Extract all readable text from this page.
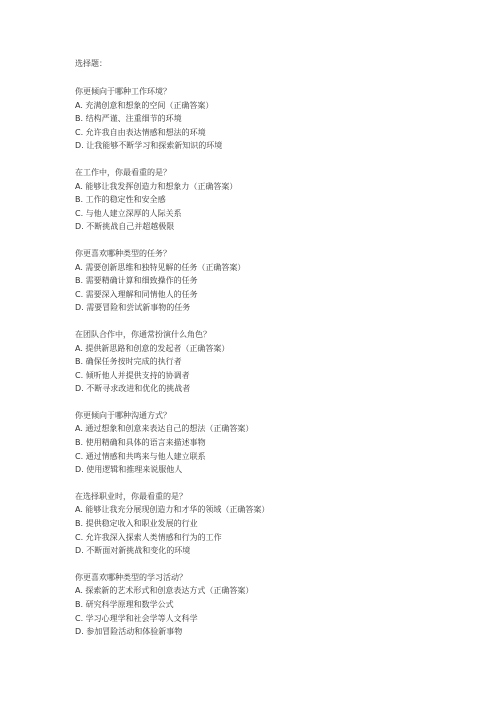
选择题：

你更倾向于哪种工作环境？

A. 充满创意和想象的空间（正确答案）

B. 结构严谨、注重细节的环境

C. 允许我自由表达情感和想法的环境

D. 让我能够不断学习和探索新知识的环境

在工作中，你最看重的是？

A. 能够让我发挥创造力和想象力（正确答案）

B. 工作的稳定性和安全感

C. 与他人建立深厚的人际关系

D. 不断挑战自己并超越极限

你更喜欢哪种类型的任务？

A. 需要创新思维和独特见解的任务（正确答案）

B. 需要精确计算和细致操作的任务

C. 需要深入理解和同情他人的任务

D. 需要冒险和尝试新事物的任务

在团队合作中，你通常扮演什么角色？

A. 提供新思路和创意的发起者（正确答案）

B. 确保任务按时完成的执行者

C. 倾听他人并提供支持的协调者

D. 不断寻求改进和优化的挑战者

你更倾向于哪种沟通方式？

A. 通过想象和创意来表达自己的想法（正确答案）

B. 使用精确和具体的语言来描述事物

C. 通过情感和共鸣来与他人建立联系

D. 使用逻辑和推理来说服他人

在选择职业时，你最看重的是？

A. 能够让我充分展现创造力和才华的领域（正确答案）

B. 提供稳定收入和职业发展的行业

C. 允许我深入探索人类情感和行为的工作

D. 不断面对新挑战和变化的环境

你更喜欢哪种类型的学习活动？

A. 探索新的艺术形式和创意表达方式（正确答案）

B. 研究科学原理和数学公式

C. 学习心理学和社会学等人文科学

D. 参加冒险活动和体验新事物
